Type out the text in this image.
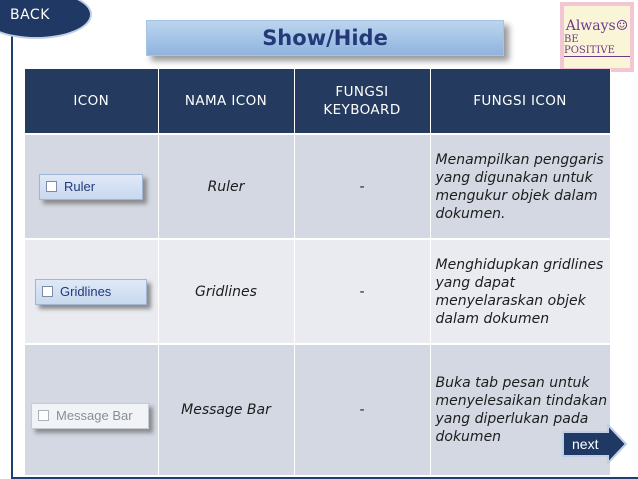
BACK
Show/Hide
Always☺
BE POSITIVE
ICON	NAMA ICON	FUNGSI KEYBOARD	FUNGSI ICON

Ruler	Ruler	-	Menampilkan penggaris yang digunakan untuk mengukur objek dalam dokumen.

Gridlines	Gridlines	-	Menghidupkan gridlines yang dapat menyelaraskan objek dalam dokumen

Message Bar	Message Bar	-	Buka tab pesan untuk menyelesaikan tindakan yang diperlukan pada dokumen	next
